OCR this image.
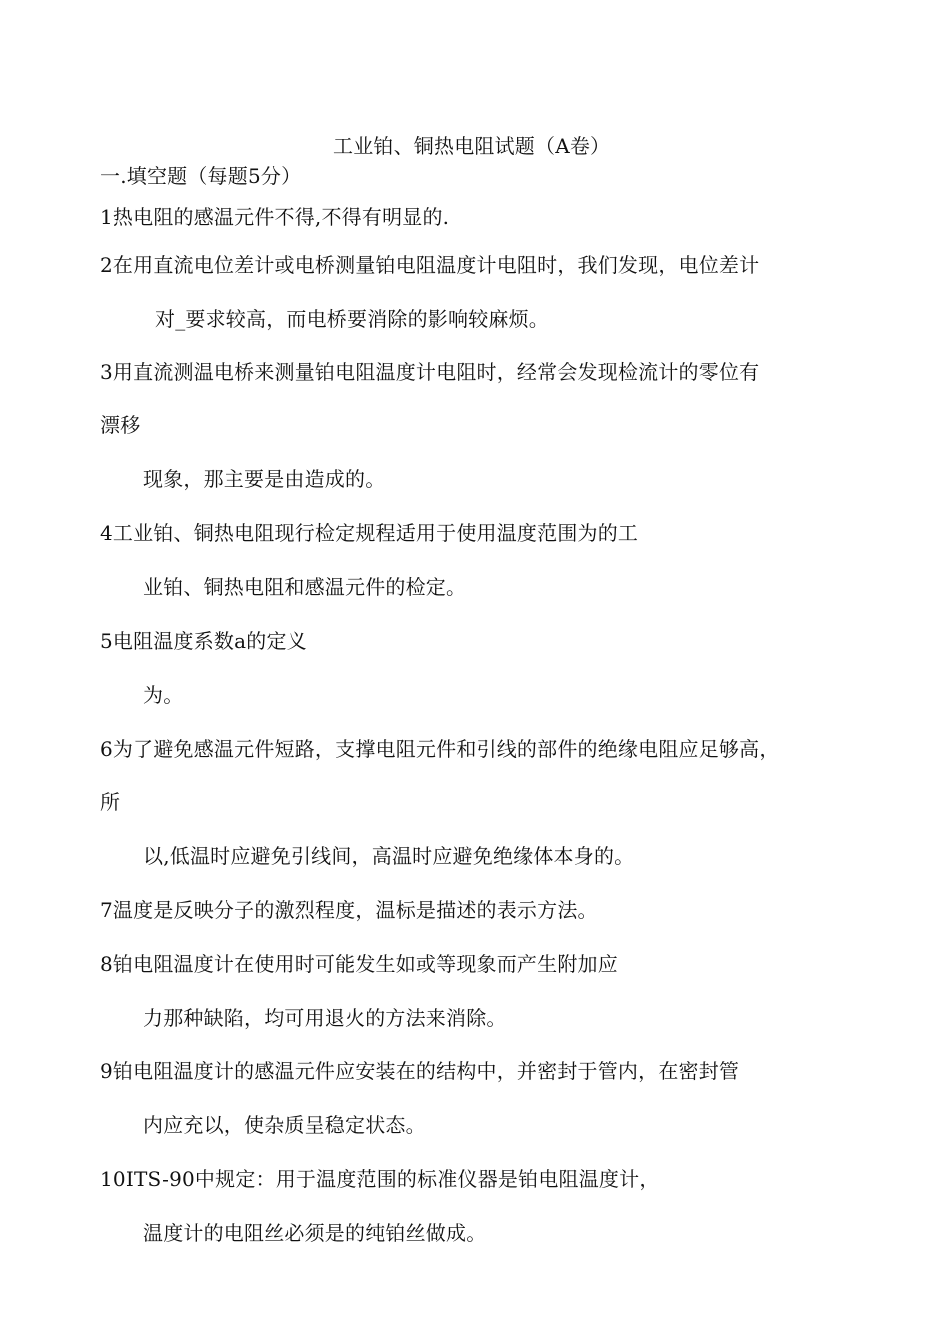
工业铂、铜热电阻试题（A卷）
一.填空题（每题5分）
1热电阻的感温元件不得,不得有明显的.
2在用直流电位差计或电桥测量铂电阻温度计电阻时，我们发现，电位差计
对_要求较高，而电桥要消除的影响较麻烦。
3用直流测温电桥来测量铂电阻温度计电阻时，经常会发现检流计的零位有
漂移
现象，那主要是由造成的。
4工业铂、铜热电阻现行检定规程适用于使用温度范围为的工
业铂、铜热电阻和感温元件的检定。
5电阻温度系数a的定义
为。
6为了避免感温元件短路，支撑电阻元件和引线的部件的绝缘电阻应足够高，
所
以,低温时应避免引线间，高温时应避免绝缘体本身的。
7温度是反映分子的激烈程度，温标是描述的表示方法。
8铂电阻温度计在使用时可能发生如或等现象而产生附加应
力那种缺陷，均可用退火的方法来消除。
9铂电阻温度计的感温元件应安装在的结构中，并密封于管内，在密封管
内应充以，使杂质呈稳定状态。
10ITS-90中规定：用于温度范围的标准仪器是铂电阻温度计，
温度计的电阻丝必须是的纯铂丝做成。
